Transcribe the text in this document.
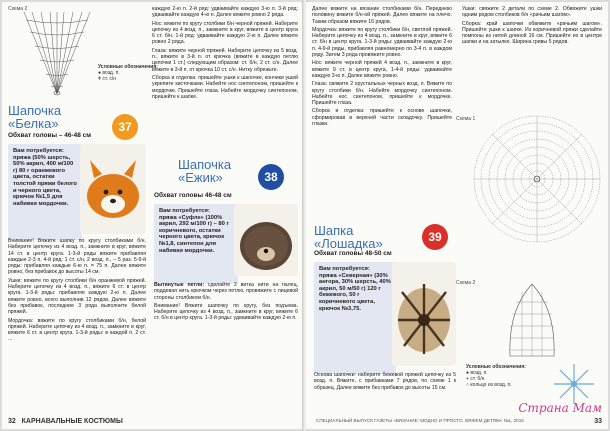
Схема 2
Условные обозначения:
● возд. п.
ǂ ст. с/н
Шапочка «Белка»
Обхват головы – 46-48 см
37
Вам потребуется:
пряжа (50% шерсть, 50% акрил, 400 м/100 г) 80 г оранжевого цвета, остатки толстой пряжи белого и черного цвета, крючок №1,5 для набивки мордочки.

Внимание! Вяжите шапку по кругу столбиками б/н. Наберите цепочку из 4 возд. п., замкните в круг, вяжите 14 ст. в центр круга. 1-3-й ряды вяжите прибавляя каждые 2-3 п. 4-й ряд: 1 ст. с/н, 2 возд. п., – 5 раз. 5-9-й ряды: прибавляя каждые 6-ю п. = 75 п. Далее вяжите ровно, без прибавок до высоты 14 см.

Ушки: вяжите по кругу столбики б/н оранжевой пряжей. Наберите цепочку из 4 возд. п., вяжите 6 ст. в центр круга. 1-3-й ряды: прибавляя каждую 2-ю п. Далее вяжите ровно, всего выполнив 12 рядов. Далее вяжите без прибавок, последние 3 ряда выполните белой пряжей.

Мордочка: вяжите по кругу столбиками б/н, белой пряжей. Наберите цепочку из 4 возд. п., замкните в круг, вяжите 6 ст. в центр круга. 1-3-й ряды: в каждой п. 2 ст. ...

каждую 2-ю п. 2-й ряд: удваивайте каждую 3-ю п. 3-й ряд: удваивайте каждую 4-ю п. Далее вяжите ровно 2 ряда.

Нос: вяжите по кругу столбики б/н черной пряжей. Наберите цепочку из 4 возд. п., замкните в круг, вяжите в центр круга 6 ст. б/н. 1-й ряд: удваивайте каждую 2-ю п. Далее вяжите ровно 2 ряда.

Глаза: вяжите черной пряжей. Наберите цепочку из 5 возд. п., вяжите в 3-й п. от крючка (вяжите в каждую петлю цепочки 1 ст.) следующим образом: ст. б/н, 2 ст. с/н. Далее вяжите в 3-й п. от крючка 10 ст. с/н. Нитку обрежьте.

Сборка и отделка: пришейте ушки к шапочке, кончики ушей укрепите кисточками. Набейте нос синтепоном, пришейте к мордочке. Пришейте глаза. Набейте мордочку синтепоном, пришейте к шапке.

Шапочка «Ежик»	38
Обхват головы 46-48 см
Вам потребуется:
пряжа «Суфле» (100% акрил, 292 м/100 г) – 80 г коричневого, остатки черного цвета, крючок №1,8, синтепон для набивки мордочки.

Вытянутые петли: сделайте 2 витка нити на палец, поддевая нить крючком через петлю, провяжите с лицевой стороны столбиком б/н.

Внимание! Вяжите шапочку по кругу, без подъема. Наберите цепочку из 4 возд. п., замкните в круг, вяжите 6 ст. б/н в центр круга. 1-3-й ряды: удваивайте каждую 2-ю п.

32 КАРНАВАЛЬНЫЕ КОСТЮМЫ

Далее вяжите на вязание столбиками б/н. Переднюю половину вяжите б/н-ой пряжей. Далее вяжите на плечо. Таким образом вяжите 16 рядов.

Мордочка: вяжите по кругу столбики б/н, светлой пряжей. Наберите цепочку из 4 возд. п., замкните в круг, вяжите 6 ст. б/н в центр круга. 1-3-й ряды: удваивайте каждую 2-ю п. 4-9-й ряды, прибавляя равномерно по 3-4 п. в каждом ряду. Затем 3 ряда провяжите ровно.

Нос: вяжите черной пряжей 4 возд. п., замкните в круг, вяжите 9 ст. в центр круга, 1-4-й ряды: удваивайте каждую 3-ю п. Далее вяжите ровно.

Глаза: свяжите 2 хрустальных черных возд. п. Вяжите по кругу столбики б/н. Набейте мордочку синтепоном. Набейте нос синтепоном, пришейте к мордочке. Пришейте глаза.

Сборка и отделка: пришейте к основе шапочки, сформировав в верхней части складочку. Пришейте глазки.

Шапка «Лошадка»	39
Обхват головы 48-50 см
Вам потребуется:
пряжа «Северная» (30% ангора, 30% шерсть, 40% акрил, 50 м/50 г) 120 г бежевого, 50 г коричневого цвета, крючок №3,75.

Основа шапочки: наберите бежевой пряжей цепочку из 5 возд. п. Вяжите, с прибавками 7 рядов, по схеме 1 к образец. Далее вяжите без прибавок до высоты 15 см.

Ушки: свяжите 2 детали по схеме 2. Обвяжите ушки одним рядом столбиков б/н «рачьим шагом».

Сборка: край шапочки обвяжите «рачьим шагом». Пришейте ушки к шапке. Из коричневой пряжи сделайте помпоны из нитей длиной 16 см. Пришейте их в центре шапки и на затылке. Ширина гривы 5 рядов.

Схема 1
Схема 2
Условные обозначения:
● возд. п.
+ ст. б/н
○ кольцо из возд. п.
СПЕЦИАЛЬНЫЙ ВЫПУСК ГАЗЕТЫ «ВЯЗАНИЕ: МОДНО И ПРОСТО. ВЯЖЕМ ДЕТЯМ» №1, 2015	33
Страна Мам
